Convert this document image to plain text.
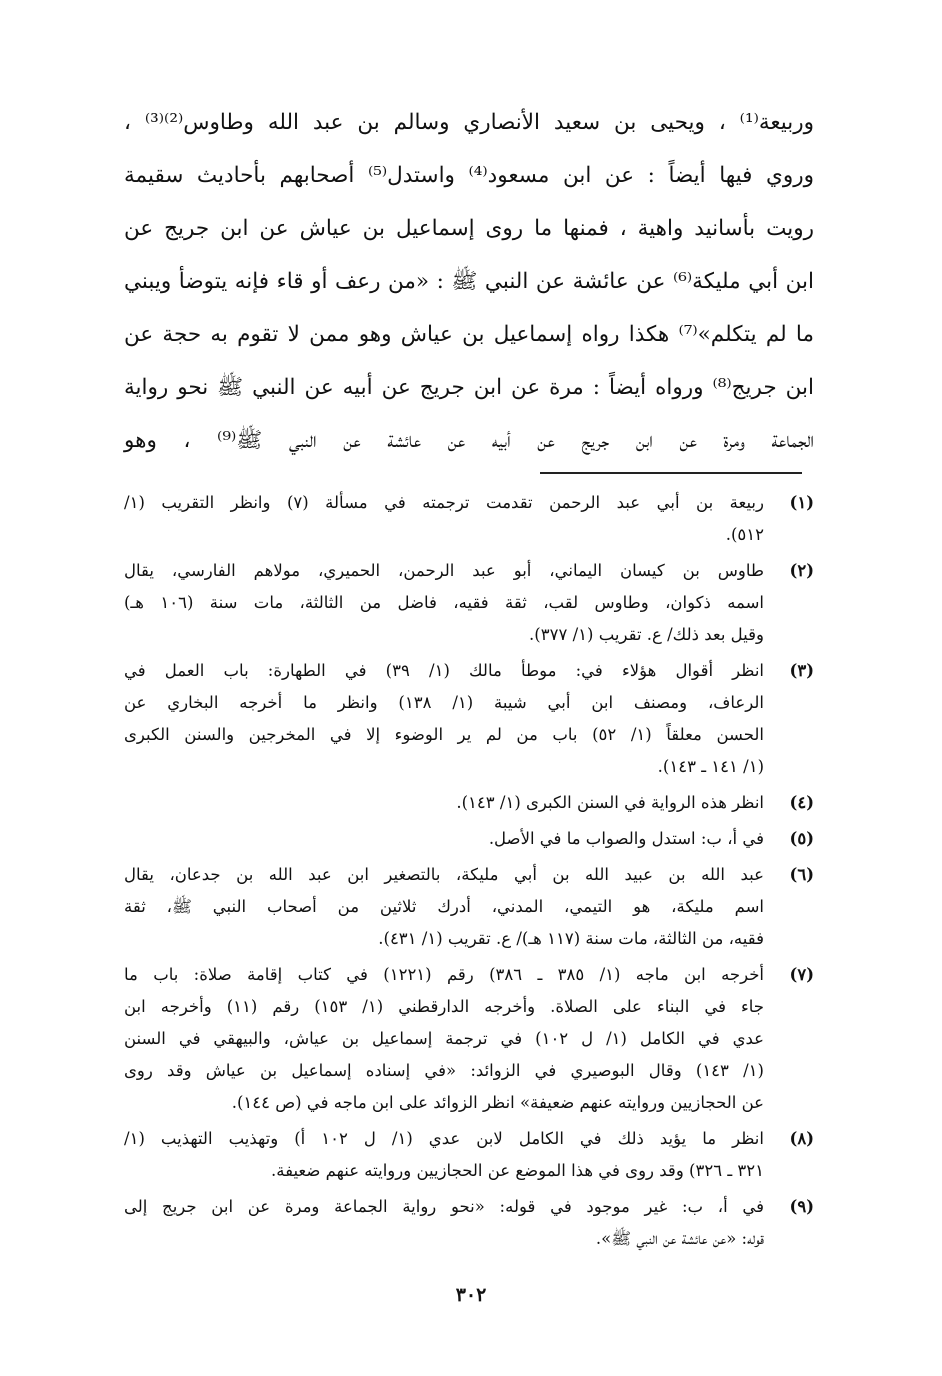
وربيعة⁽¹⁾ ، ويحيى بن سعيد الأنصاري وسالم بن عبد الله وطاوس⁽²⁾⁽³⁾ ،
وروي فيها أيضاً : عن ابن مسعود⁽⁴⁾ واستدل⁽⁵⁾ أصحابهم بأحاديث سقيمة
رويت بأسانيد واهية ، فمنها ما روى إسماعيل بن عياش عن ابن جريج عن
ابن أبي مليكة⁽⁶⁾ عن عائشة عن النبي ﷺ : «من رعف أو قاء فإنه يتوضأ ويبني
ما لم يتكلم»⁽⁷⁾ هكذا رواه إسماعيل بن عياش وهو ممن لا تقوم به حجة عن
ابن جريج⁽⁸⁾ ورواه أيضاً : مرة عن ابن جريج عن أبيه عن النبي ﷺ نحو رواية
الجماعة ومرة عن ابن جريج عن أبيه عن عائشة عن النبي ﷺ⁽⁹⁾ ، وهو
(١)
ربيعة بن أبي عبد الرحمن تقدمت ترجمته في مسألة (٧) وانظر التقريب (١/
٥١٢).
(٢)
طاوس بن كيسان اليماني، أبو عبد الرحمن، الحميري، مولاهم الفارسي، يقال
اسمه ذكوان، وطاوس لقب، ثقة فقيه، فاضل من الثالثة، مات سنة (١٠٦ هـ)
وقيل بعد ذلك/ ع. تقريب (١/ ٣٧٧).
(٣)
انظر أقوال هؤلاء في: موطأ مالك (١/ ٣٩) في الطهارة: باب العمل في
الرعاف، ومصنف ابن أبي شيبة (١/ ١٣٨) وانظر ما أخرجه البخاري عن
الحسن معلقاً (١/ ٥٢) باب من لم ير الوضوء إلا في المخرجين والسنن الكبرى
(١/ ١٤١ ـ ١٤٣).
(٤)
انظر هذه الرواية في السنن الكبرى (١/ ١٤٣).
(٥)
في أ، ب: استدل والصواب ما في الأصل.
(٦)
عبد الله بن عبيد الله بن أبي مليكة، بالتصغير ابن عبد الله بن جدعان، يقال
اسم مليكة، هو التيمي، المدني، أدرك ثلاثين من أصحاب النبي ﷺ، ثقة
فقيه، من الثالثة، مات سنة (١١٧ هـ)/ ع. تقريب (١/ ٤٣١).
(٧)
أخرجه ابن ماجه (١/ ٣٨٥ ـ ٣٨٦) رقم (١٢٢١) في كتاب إقامة صلاة: باب ما
جاء في البناء على الصلاة. وأخرجه الدارقطني (١/ ١٥٣) رقم (١١) وأخرجه ابن
عدي في الكامل (١/ ل ١٠٢) في ترجمة إسماعيل بن عياش، والبيهقي في السنن
(١/ ١٤٣) وقال البوصيري في الزوائد: «في إسناده إسماعيل بن عياش وقد روى
عن الحجازيين وروايته عنهم ضعيفة» انظر الزوائد على ابن ماجه في (ص ١٤٤).
(٨)
انظر ما يؤيد ذلك في الكامل لابن عدي (١/ ل ١٠٢ أ) وتهذيب التهذيب (١/
٣٢١ ـ ٣٢٦) وقد روى في هذا الموضع عن الحجازيين وروايته عنهم ضعيفة.
(٩)
في أ، ب: غير موجود في قوله: «نحو رواية الجماعة ومرة عن ابن جريج إلى
قوله: «عن عائشة عن النبي ﷺ».
٣٠٢
